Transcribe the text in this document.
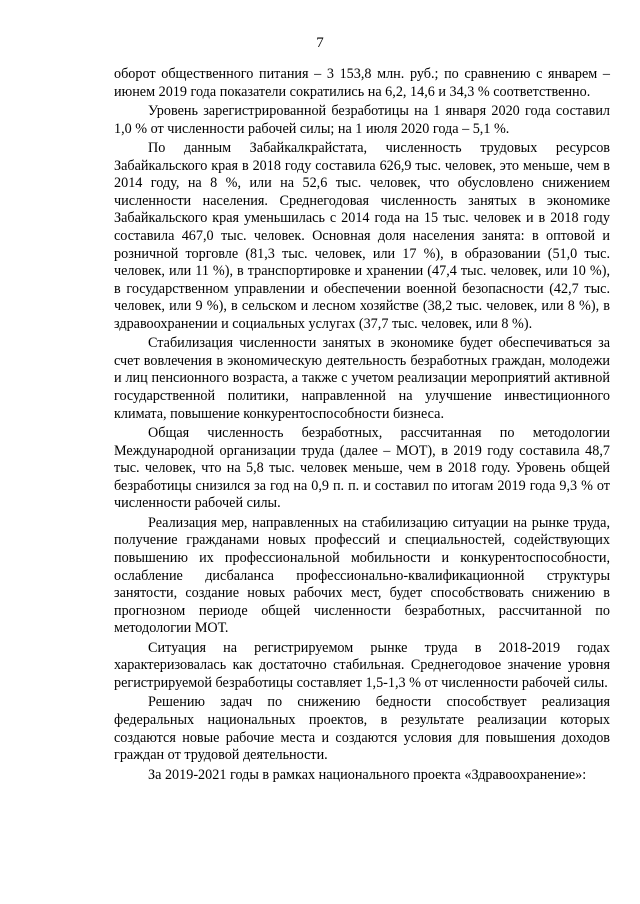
7

оборот общественного питания – 3 153,8 млн. руб.; по сравнению с январем – июнем 2019 года показатели сократились на 6,2, 14,6 и 34,3 % соответственно.

Уровень зарегистрированной безработицы на 1 января 2020 года составил 1,0 % от численности рабочей силы; на 1 июля 2020 года – 5,1 %.

По данным Забайкалкрайстата, численность трудовых ресурсов Забайкальского края в 2018 году составила 626,9 тыс. человек, это меньше, чем в 2014 году, на 8 %, или на 52,6 тыс. человек, что обусловлено снижением численности населения. Среднегодовая численность занятых в экономике Забайкальского края уменьшилась с 2014 года на 15 тыс. человек и в 2018 году составила 467,0 тыс. человек. Основная доля населения занята: в оптовой и розничной торговле (81,3 тыс. человек, или 17 %), в образовании (51,0 тыс. человек, или 11 %), в транспортировке и хранении (47,4 тыс. человек, или 10 %), в государственном управлении и обеспечении военной безопасности (42,7 тыс. человек, или 9 %), в сельском и лесном хозяйстве (38,2 тыс. человек, или 8 %), в здравоохранении и социальных услугах (37,7 тыс. человек, или 8 %).

Стабилизация численности занятых в экономике будет обеспечиваться за счет вовлечения в экономическую деятельность безработных граждан, молодежи и лиц пенсионного возраста, а также с учетом реализации мероприятий активной государственной политики, направленной на улучшение инвестиционного климата, повышение конкурентоспособности бизнеса.

Общая численность безработных, рассчитанная по методологии Международной организации труда (далее – МОТ), в 2019 году составила 48,7 тыс. человек, что на 5,8 тыс. человек меньше, чем в 2018 году. Уровень общей безработицы снизился за год на 0,9 п. п. и составил по итогам 2019 года 9,3 % от численности рабочей силы.

Реализация мер, направленных на стабилизацию ситуации на рынке труда, получение гражданами новых профессий и специальностей, содействующих повышению их профессиональной мобильности и конкурентоспособности, ослабление дисбаланса профессионально-квалификационной структуры занятости, создание новых рабочих мест, будет способствовать снижению в прогнозном периоде общей численности безработных, рассчитанной по методологии МОТ.

Ситуация на регистрируемом рынке труда в 2018-2019 годах характеризовалась как достаточно стабильная. Среднегодовое значение уровня регистрируемой безработицы составляет 1,5-1,3 % от численности рабочей силы.

Решению задач по снижению бедности способствует реализация федеральных национальных проектов, в результате реализации которых создаются новые рабочие места и создаются условия для повышения доходов граждан от трудовой деятельности.

За 2019-2021 годы в рамках национального проекта «Здравоохранение»:
